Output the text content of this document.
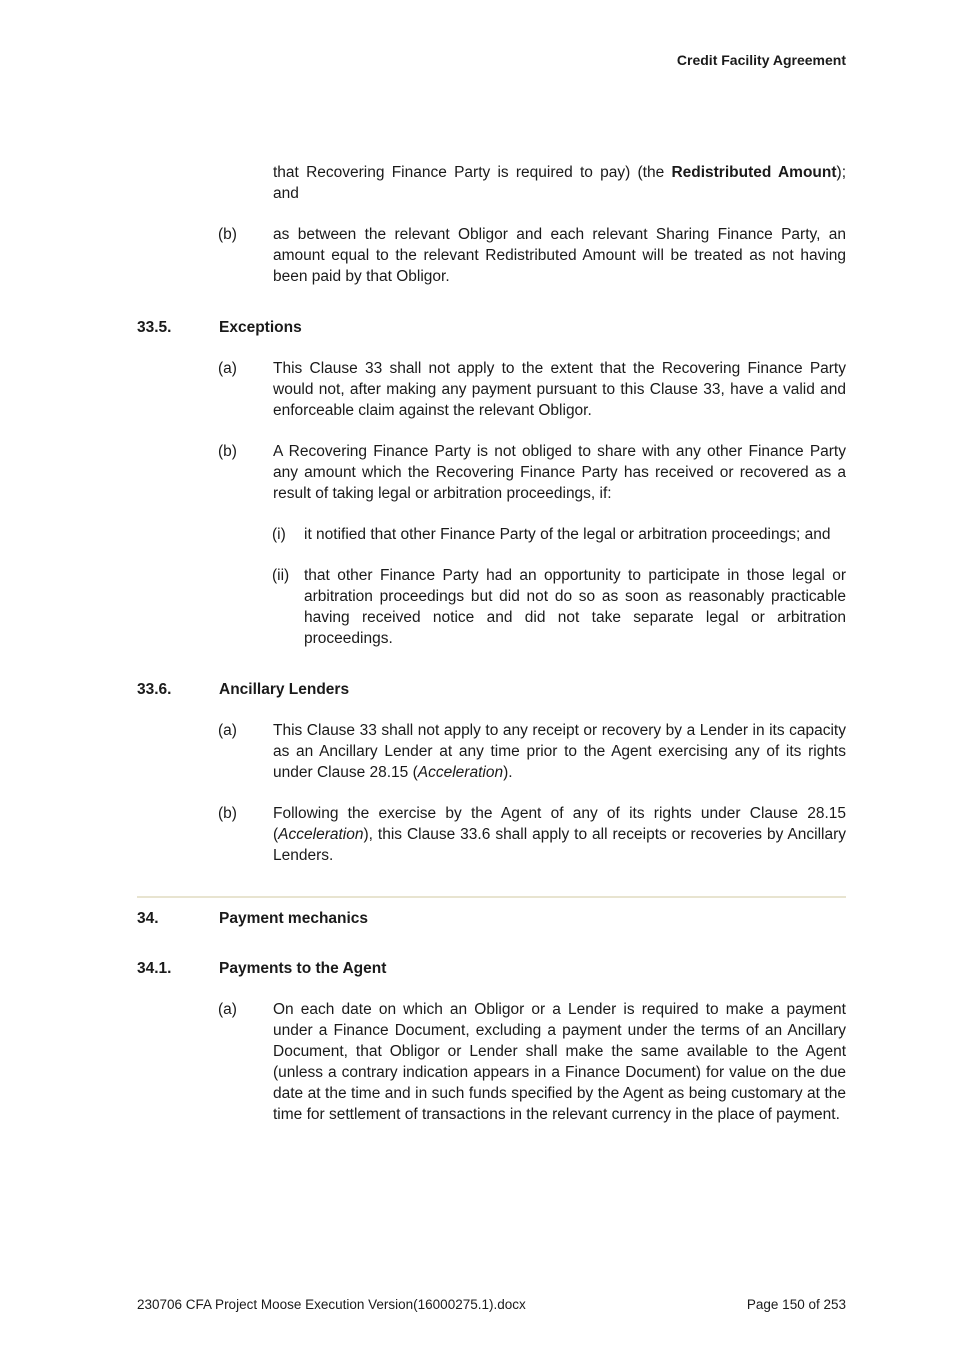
Credit Facility Agreement

that Recovering Finance Party is required to pay) (the Redistributed Amount); and

(b)	as between the relevant Obligor and each relevant Sharing Finance Party, an amount equal to the relevant Redistributed Amount will be treated as not having been paid by that Obligor.
33.5.	Exceptions
(a)	This Clause 33 shall not apply to the extent that the Recovering Finance Party would not, after making any payment pursuant to this Clause 33, have a valid and enforceable claim against the relevant Obligor.
(b)	A Recovering Finance Party is not obliged to share with any other Finance Party any amount which the Recovering Finance Party has received or recovered as a result of taking legal or arbitration proceedings, if:
(i)	it notified that other Finance Party of the legal or arbitration proceedings; and
(ii) that other Finance Party had an opportunity to participate in those legal or arbitration proceedings but did not do so as soon as reasonably practicable having received notice and did not take separate legal or arbitration proceedings.
33.6.	Ancillary Lenders
(a)	This Clause 33 shall not apply to any receipt or recovery by a Lender in its capacity as an Ancillary Lender at any time prior to the Agent exercising any of its rights under Clause 28.15 (Acceleration).
(b)	Following the exercise by the Agent of any of its rights under Clause 28.15 (Acceleration), this Clause 33.6 shall apply to all receipts or recoveries by Ancillary Lenders.
34.	Payment mechanics
34.1.	Payments to the Agent
(a)	On each date on which an Obligor or a Lender is required to make a payment under a Finance Document, excluding a payment under the terms of an Ancillary Document, that Obligor or Lender shall make the same available to the Agent (unless a contrary indication appears in a Finance Document) for value on the due date at the time and in such funds specified by the Agent as being customary at the time for settlement of transactions in the relevant currency in the place of payment.
230706 CFA Project Moose Execution Version(16000275.1).docx	Page 150 of 253
